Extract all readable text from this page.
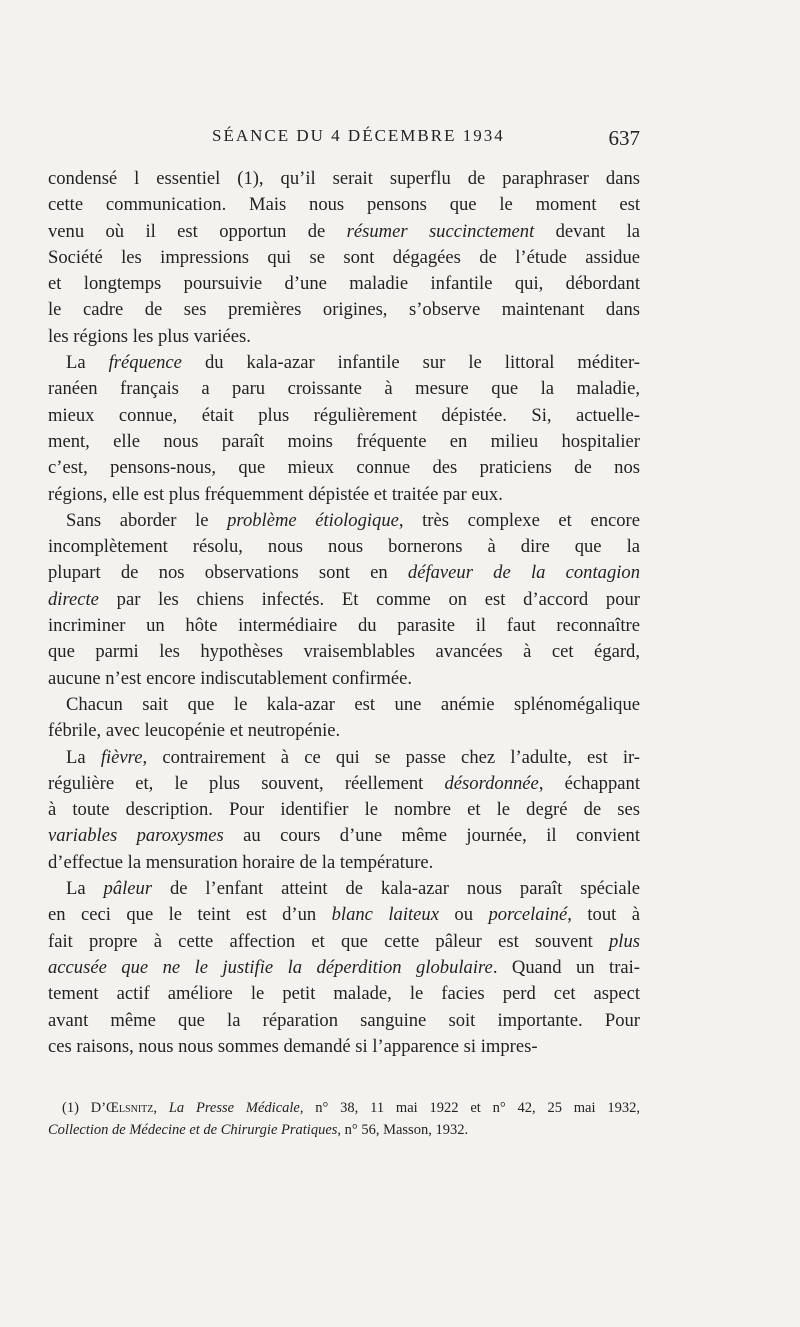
SÉANCE DU 4 DÉCEMBRE 1934	637
condensé l essentiel (1), qu’il serait superflu de paraphraser dans
cette communication. Mais nous pensons que le moment est
venu où il est opportun de résumer succinctement devant la
Société les impressions qui se sont dégagées de l’étude assidue
et longtemps poursuivie d’une maladie infantile qui, débordant
le cadre de ses premières origines, s’observe maintenant dans
les régions les plus variées.
La fréquence du kala-azar infantile sur le littoral méditer-
ranéen français a paru croissante à mesure que la maladie,
mieux connue, était plus régulièrement dépistée. Si, actuelle-
ment, elle nous paraît moins fréquente en milieu hospitalier
c’est, pensons-nous, que mieux connue des praticiens de nos
régions, elle est plus fréquemment dépistée et traitée par eux.
Sans aborder le problème étiologique, très complexe et encore
incomplètement résolu, nous nous bornerons à dire que la
plupart de nos observations sont en défaveur de la contagion
directe par les chiens infectés. Et comme on est d’accord pour
incriminer un hôte intermédiaire du parasite il faut reconnaître
que parmi les hypothèses vraisemblables avancées à cet égard,
aucune n’est encore indiscutablement confirmée.
Chacun sait que le kala-azar est une anémie splénomégalique
fébrile, avec leucopénie et neutropénie.
La fièvre, contrairement à ce qui se passe chez l’adulte, est ir-
régulière et, le plus souvent, réellement désordonnée, échappant
à toute description. Pour identifier le nombre et le degré de ses
variables paroxysmes au cours d’une même journée, il convient
d’effectue la mensuration horaire de la température.
La pâleur de l’enfant atteint de kala-azar nous paraît spéciale
en ceci que le teint est d’un blanc laiteux ou porcelainé, tout à
fait propre à cette affection et que cette pâleur est souvent plus
accusée que ne le justifie la déperdition globulaire. Quand un trai-
tement actif améliore le petit malade, le facies perd cet aspect
avant même que la réparation sanguine soit importante. Pour
ces raisons, nous nous sommes demandé si l’apparence si impres-
(1) D’Œlsnitz, La Presse Médicale, n° 38, 11 mai 1922 et n° 42, 25 mai 1932,
Collection de Médecine et de Chirurgie Pratiques, n° 56, Masson, 1932.
